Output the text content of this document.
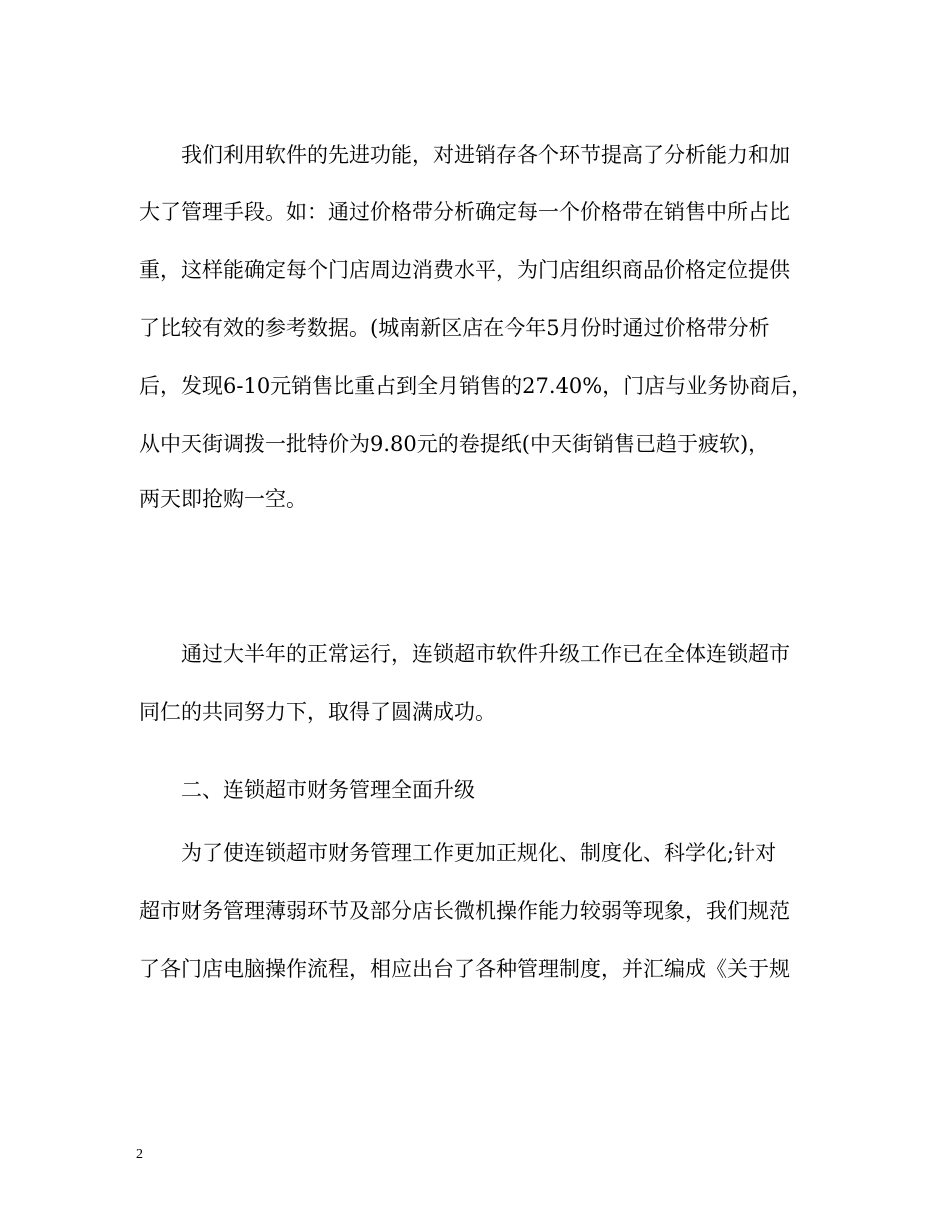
　　我们利用软件的先进功能，对进销存各个环节提高了分析能力和加
大了管理手段。如：通过价格带分析确定每一个价格带在销售中所占比
重，这样能确定每个门店周边消费水平，为门店组织商品价格定位提供
了比较有效的参考数据。(城南新区店在今年5月份时通过价格带分析
后，发现6-10元销售比重占到全月销售的27.40%，门店与业务协商后，
从中天街调拨一批特价为9.80元的卷提纸(中天街销售已趋于疲软)，
两天即抢购一空。

　　通过大半年的正常运行，连锁超市软件升级工作已在全体连锁超市
同仁的共同努力下，取得了圆满成功。

　　二、连锁超市财务管理全面升级

　　为了使连锁超市财务管理工作更加正规化、制度化、科学化;针对
超市财务管理薄弱环节及部分店长微机操作能力较弱等现象，我们规范
了各门店电脑操作流程，相应出台了各种管理制度，并汇编成《关于规

2
